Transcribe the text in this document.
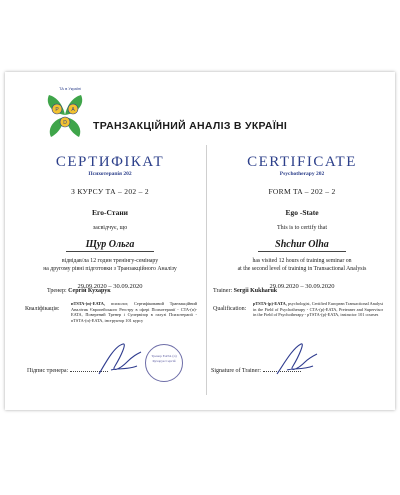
P	A
D
ТА в Україні
ТРАНЗАКЦІЙНИЙ АНАЛІЗ В УКРАЇНІ
СЕРТИФІКАТ
Психотерапія 202
З КУРСУ ТА – 202 – 2
Его-Стани
засвідчує, що
Щур Ольга
відвідав/ла 12 годин тренінгу-семінару
на другому рівні підготовки з Транзакційного Аналізу
29.09.2020 – 30.09.2020
Тренер: Сергій Кухарук
Кваліфікація:
пTSTA-(п)-EATA, психолог, Сертифікований Транзакційний Аналітик Європейського Реєстру в сфері Психотерапії - CTA-(п)-EATA, Поверений Тренер і Супервізор в галузі Психотерапії - пTSTA-(п)-EATA, інструктор 101 курсу
Підпис тренера:
Тренер ЕАТА (п) Кухарук Сергій
CERTIFICATE
Psychotherapy 202
FORM TA – 202 – 2
Ego -State
This is to certify that
Shchur Olha
has visited 12 hours of training seminar on
at the second level of training in Transactional Analysis
29.09.2020 – 30.09.2020
Trainer: Sergii Kukharuk
Qualification:
pTSTA-(p)-EATA, psychologist, Certified European Transactional Analyst in the Field of Psychotherapy - CTA-(p)-EATA, Preteaner and Supervisor in the Field of Psychotherapy - pTSTA-(p)-EATA, instructor 101 courses
Signature of Trainer:
